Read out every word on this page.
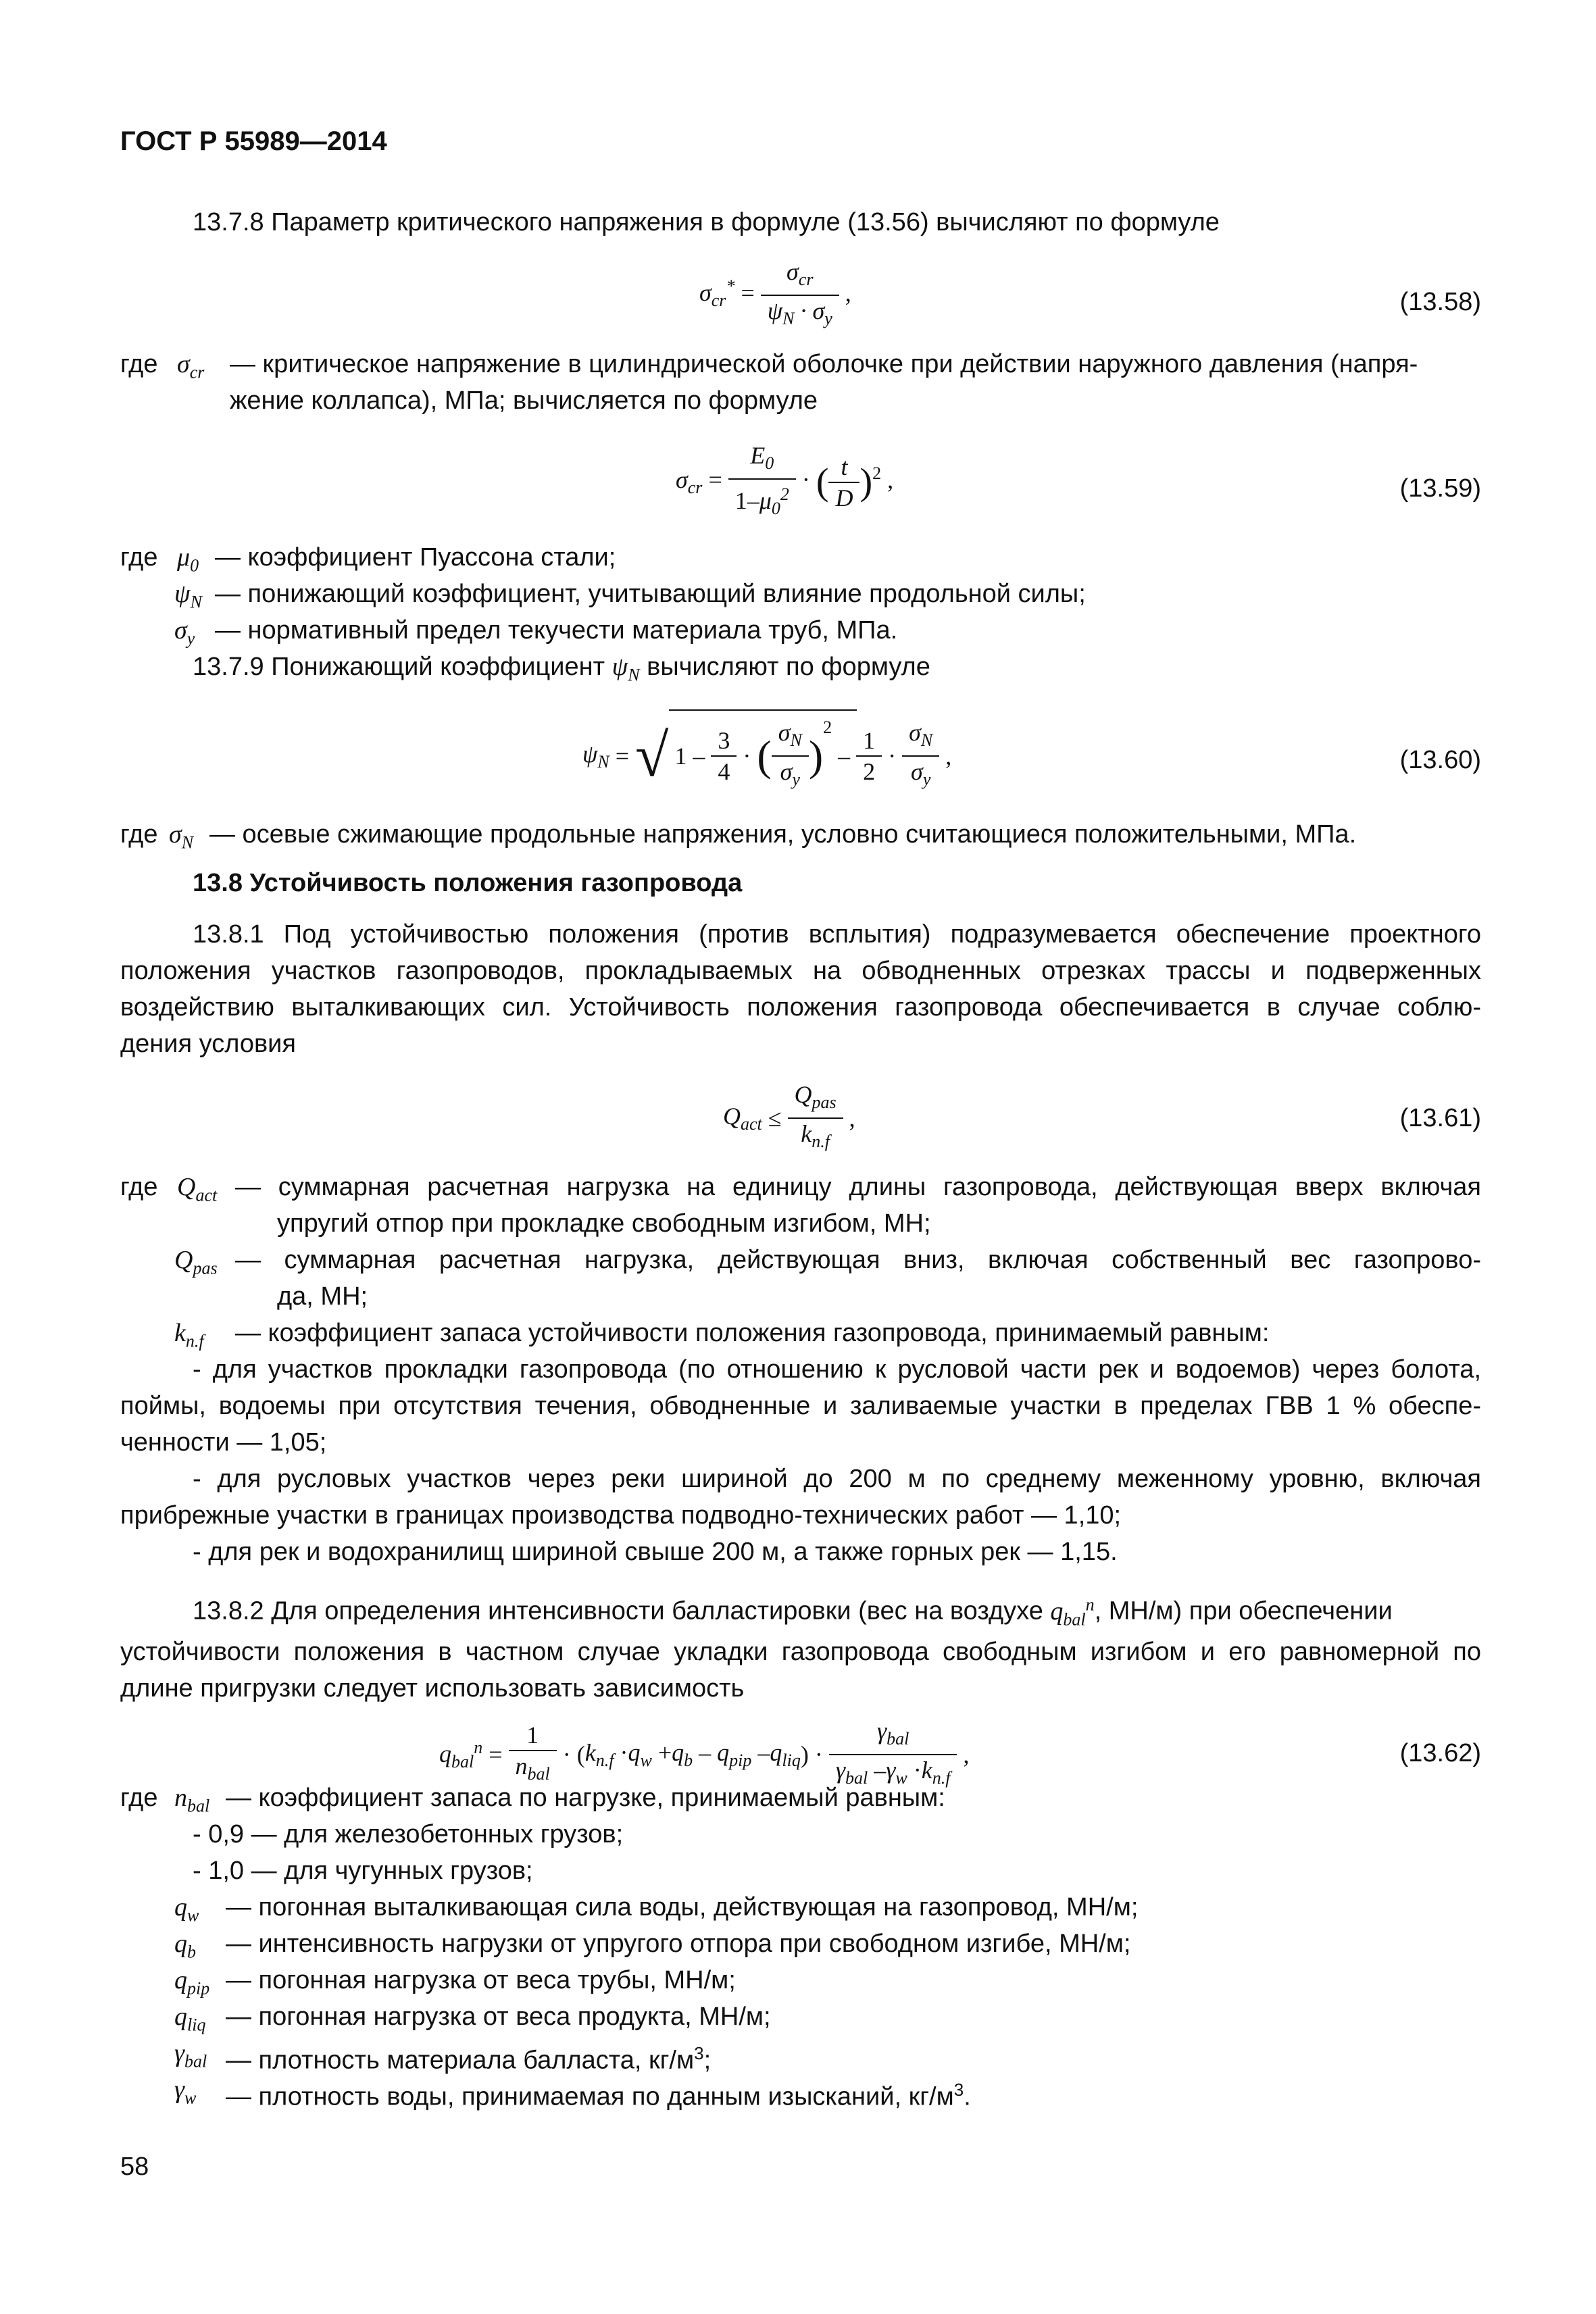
ГОСТ Р 55989—2014
13.7.8 Параметр критического напряжения в формуле (13.56) вычисляют по формуле
$\sigma_{cr}^* = \frac{\sigma_{cr}}{\psi_N \cdot \sigma_y}$ ,	(13.58)
где $\sigma_{cr}$ — критическое напряжение в цилиндрической оболочке при действии наружного давления (напря-
жение коллапса), МПа; вычисляется по формуле
$\sigma_{cr} = \frac{E_0}{1-\mu_0^2}$ · ( $\frac{t}{D} )^2$ ,	(13.59)
где $\mu_0$ — коэффициент Пуассона стали;
$\psi_N$ — понижающий коэффициент, учитывающий влияние продольной силы;
$\sigma_y$ — нормативный предел текучести материала труб, МПа.
13.7.9 Понижающий коэффициент $\psi_N$ вычисляют по формуле
$\psi_N$ = √ $1 - \frac{3}{4}$ · ( $\frac{\sigma_N}{\sigma_y} )^2 - \frac{1}{2} \cdot \frac{\sigma_N}{\sigma_y}$ ,	(13.60)
где $\sigma_N$ — осевые сжимающие продольные напряжения, условно считающиеся положительными, МПа.
13.8 Устойчивость положения газопровода
13.8.1 Под устойчивостью положения (против всплытия) подразумевается обеспечение проектного
положения участков газопроводов, прокладываемых на обводненных отрезках трассы и подверженных
воздействию выталкивающих сил. Устойчивость положения газопровода обеспечивается в случае соблю-
дения условия
$Q_{act} \le \frac{Q_{pas}}{k_{n.f}}$ ,	(13.61)
где $Q_{act}$ — суммарная расчетная нагрузка на единицу длины газопровода, действующая вверх включая
упругий отпор при прокладке свободным изгибом, МН;
$Q_{pas}$ — суммарная расчетная нагрузка, действующая вниз, включая собственный вес газопрово-
да, МН;
$k_{n.f}$ — коэффициент запаса устойчивости положения газопровода, принимаемый равным:
- для участков прокладки газопровода (по отношению к русловой части рек и водоемов) через болота,
поймы, водоемы при отсутствия течения, обводненные и заливаемые участки в пределах ГВВ 1 % обеспе-
ченности — 1,05;
- для русловых участков через реки шириной до 200 м по среднему меженному уровню, включая
прибрежные участки в границах производства подводно-технических работ — 1,10;
- для рек и водохранилищ шириной свыше 200 м, а также горных рек — 1,15.
13.8.2 Для определения интенсивности балластировки (вес на воздухе $q_{bal}^n$, МН/м) при обеспечении
устойчивости положения в частном случае укладки газопровода свободным изгибом и его равномерной по
длине пригрузки следует использовать зависимость
$q_{bal}^n = \frac{1}{n_{bal}} \cdot (k_{n.f} \cdot q_w +q_b - q_{pip}$ $-q_{liq}) \cdot \frac{\gamma_{bal}}{\gamma_{bal} -\gamma_w \cdot k_{n.f}}$ ,	(13.62)
где $n_{bal}$ — коэффициент запаса по нагрузке, принимаемый равным:
- 0,9 — для железобетонных грузов;
- 1,0 — для чугунных грузов;
$q_w$ — погонная выталкивающая сила воды, действующая на газопровод, МН/м;
$q_b$ — интенсивность нагрузки от упругого отпора при свободном изгибе, МН/м;
$q_{pip}$ — погонная нагрузка от веса трубы, МН/м;
$q_{liq}$ — погонная нагрузка от веса продукта, МН/м;
$\gamma_{bal}$ — плотность материала балласта, $кг/м^3$;
$\gamma_w$ — плотность воды, принимаемая по данным изысканий, $кг/м^3$.
58
